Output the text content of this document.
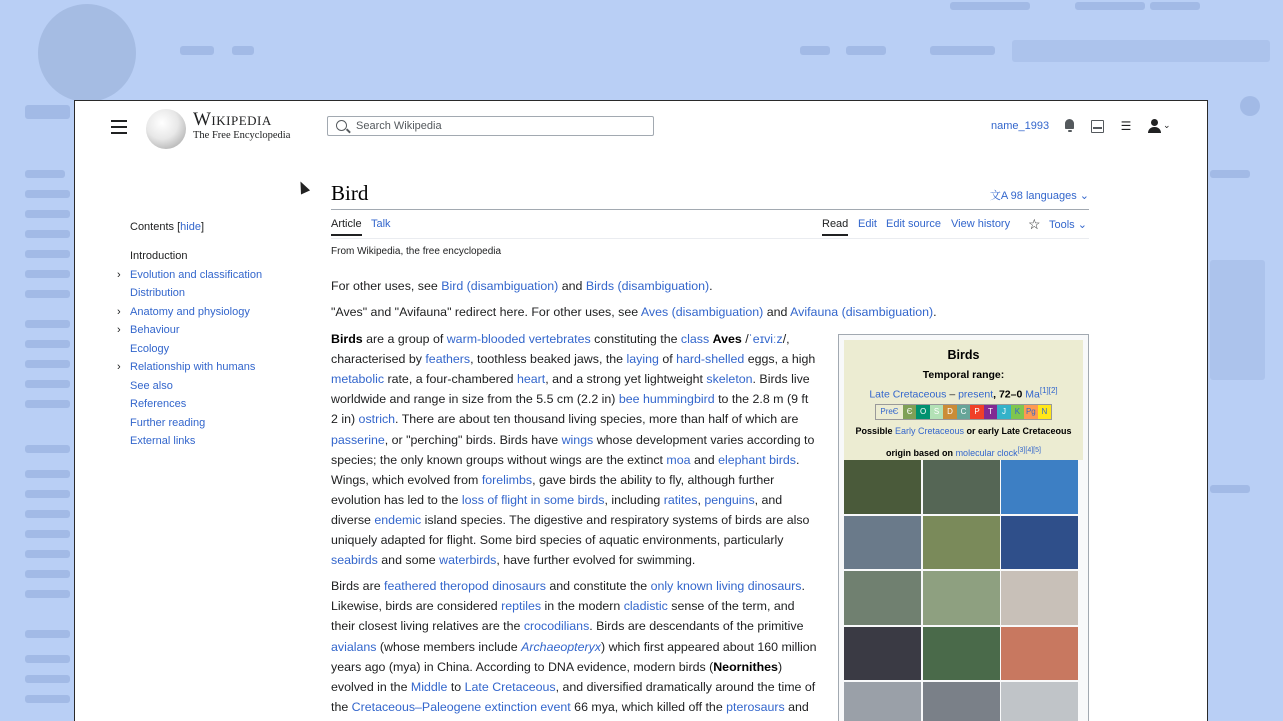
Wikipedia
The Free Encyclopedia
Search Wikipedia
name_1993	☰	⌄
Contents [hide]
Introduction
› Evolution and classification
Distribution
› Anatomy and physiology
› Behaviour
Ecology
› Relationship with humans
See also
References
Further reading
External links
Bird	文A 98 languages ⌄
Article Talk	Read Edit Edit source View history ☆ Tools ⌄
From Wikipedia, the free encyclopedia
For other uses, see Bird (disambiguation) and Birds (disambiguation).
"Aves" and "Avifauna" redirect here. For other uses, see Aves (disambiguation) and Avifauna (disambiguation).
Birds are a group of warm-blooded vertebrates constituting the class Aves /ˈeɪviːz/,
characterised by feathers, toothless beaked jaws, the laying of hard-shelled eggs, a high
metabolic rate, a four-chambered heart, and a strong yet lightweight skeleton. Birds live
worldwide and range in size from the 5.5 cm (2.2 in) bee hummingbird to the 2.8 m (9 ft
2 in) ostrich. There are about ten thousand living species, more than half of which are
passerine, or "perching" birds. Birds have wings whose development varies according to
species; the only known groups without wings are the extinct moa and elephant birds.
Wings, which evolved from forelimbs, gave birds the ability to fly, although further
evolution has led to the loss of flight in some birds, including ratites, penguins, and
diverse endemic island species. The digestive and respiratory systems of birds are also
uniquely adapted for flight. Some bird species of aquatic environments, particularly
seabirds and some waterbirds, have further evolved for swimming.
Birds are feathered theropod dinosaurs and constitute the only known living dinosaurs.
Likewise, birds are considered reptiles in the modern cladistic sense of the term, and
their closest living relatives are the crocodilians. Birds are descendants of the primitive
avialans (whose members include Archaeopteryx) which first appeared about 160 million
years ago (mya) in China. According to DNA evidence, modern birds (Neornithes)
evolved in the Middle to Late Cretaceous, and diversified dramatically around the time of
the Cretaceous–Paleogene extinction event 66 mya, which killed off the pterosaurs and
Birds
Temporal range:
Late Cretaceous – present, 72–0 Ma[1][2]
PreЄ	Є O S D C P	T	J	K Pg N
Possible Early Cretaceous or early Late Cretaceous origin based on molecular clock[3][4][5]
